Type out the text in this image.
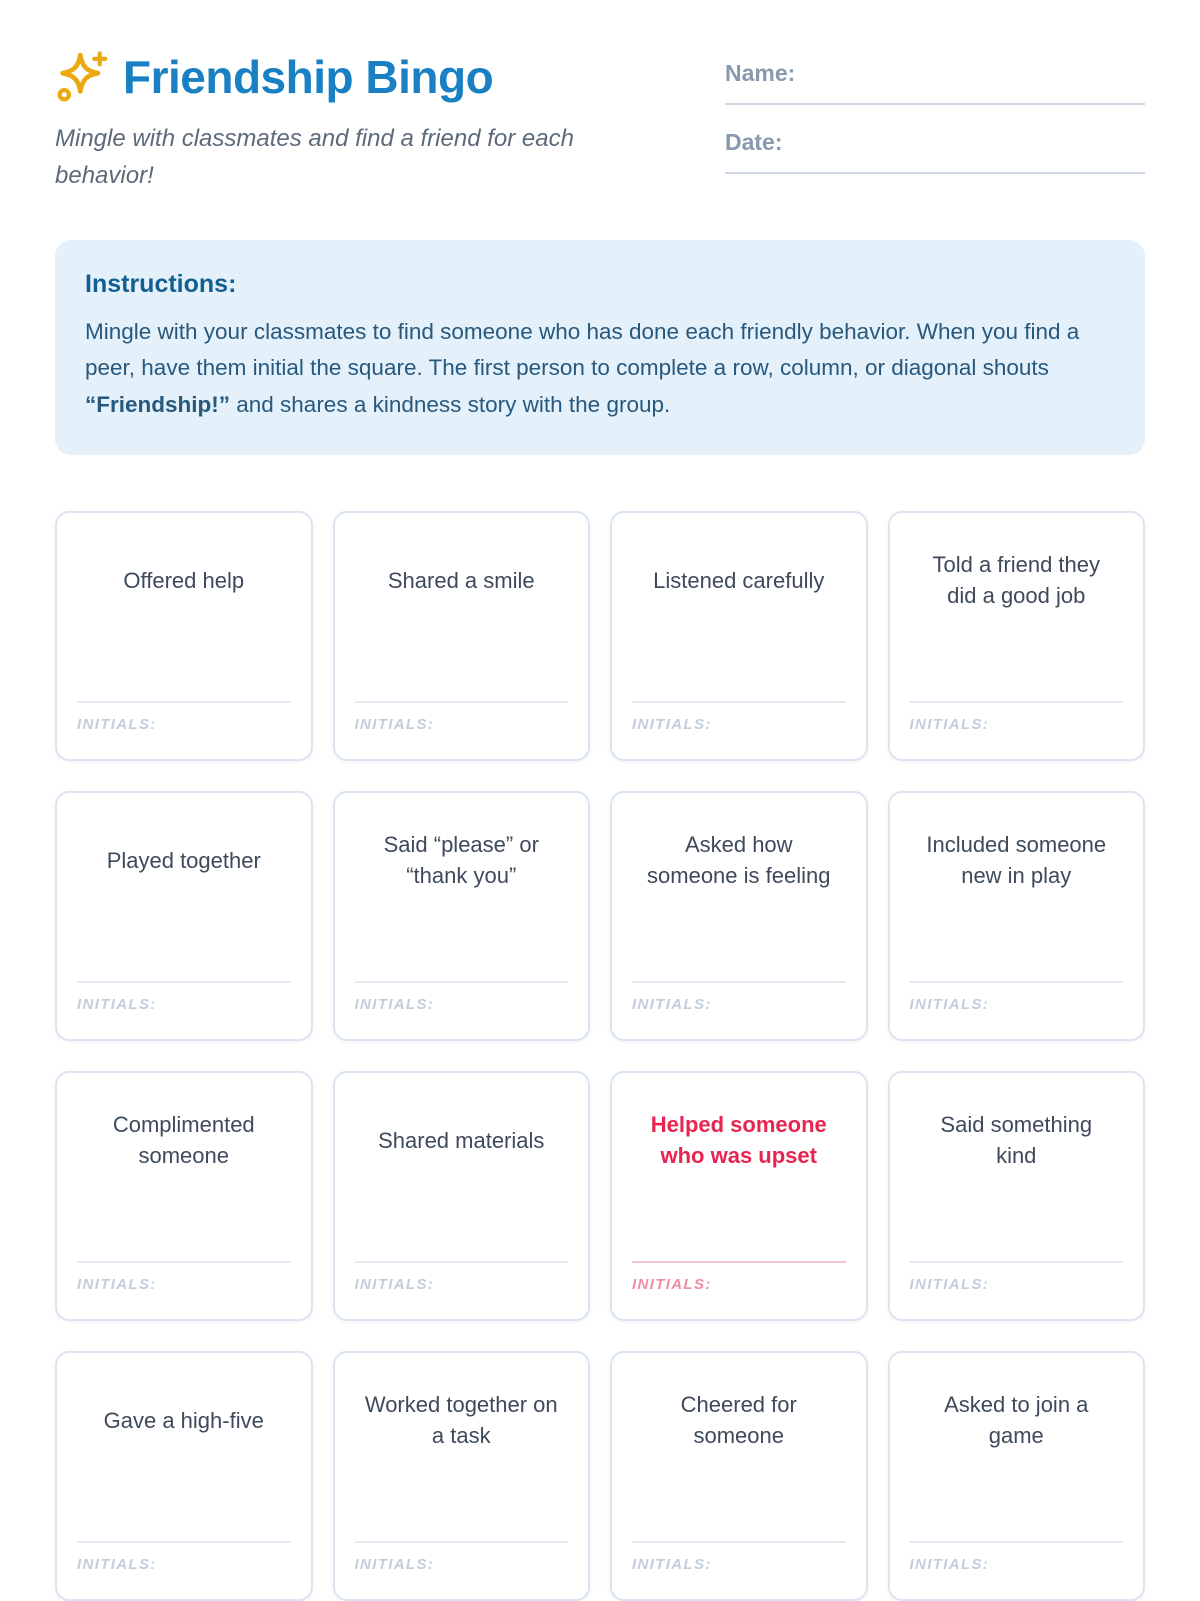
Friendship Bingo

Mingle with classmates and find a friend for each behavior!

Name:
Date:
Instructions:

Mingle with your classmates to find someone who has done each friendly behavior. When you find a peer, have them initial the square. The first person to complete a row, column, or diagonal shouts “Friendship!” and shares a kindness story with the group.

Offered help
INITIALS:
Shared a smile
INITIALS:
Listened carefully
INITIALS:
Told a friend they did a good job
INITIALS:
Played together
INITIALS:
Said “please” or “thank you”
INITIALS:
Asked how someone is feeling
INITIALS:
Included someone new in play
INITIALS:
Complimented someone
INITIALS:
Shared materials
INITIALS:
Helped someone who was upset
INITIALS:
Said something kind
INITIALS:
Gave a high-five
INITIALS:
Worked together on a task
INITIALS:
Cheered for someone
INITIALS:
Asked to join a game
INITIALS:
